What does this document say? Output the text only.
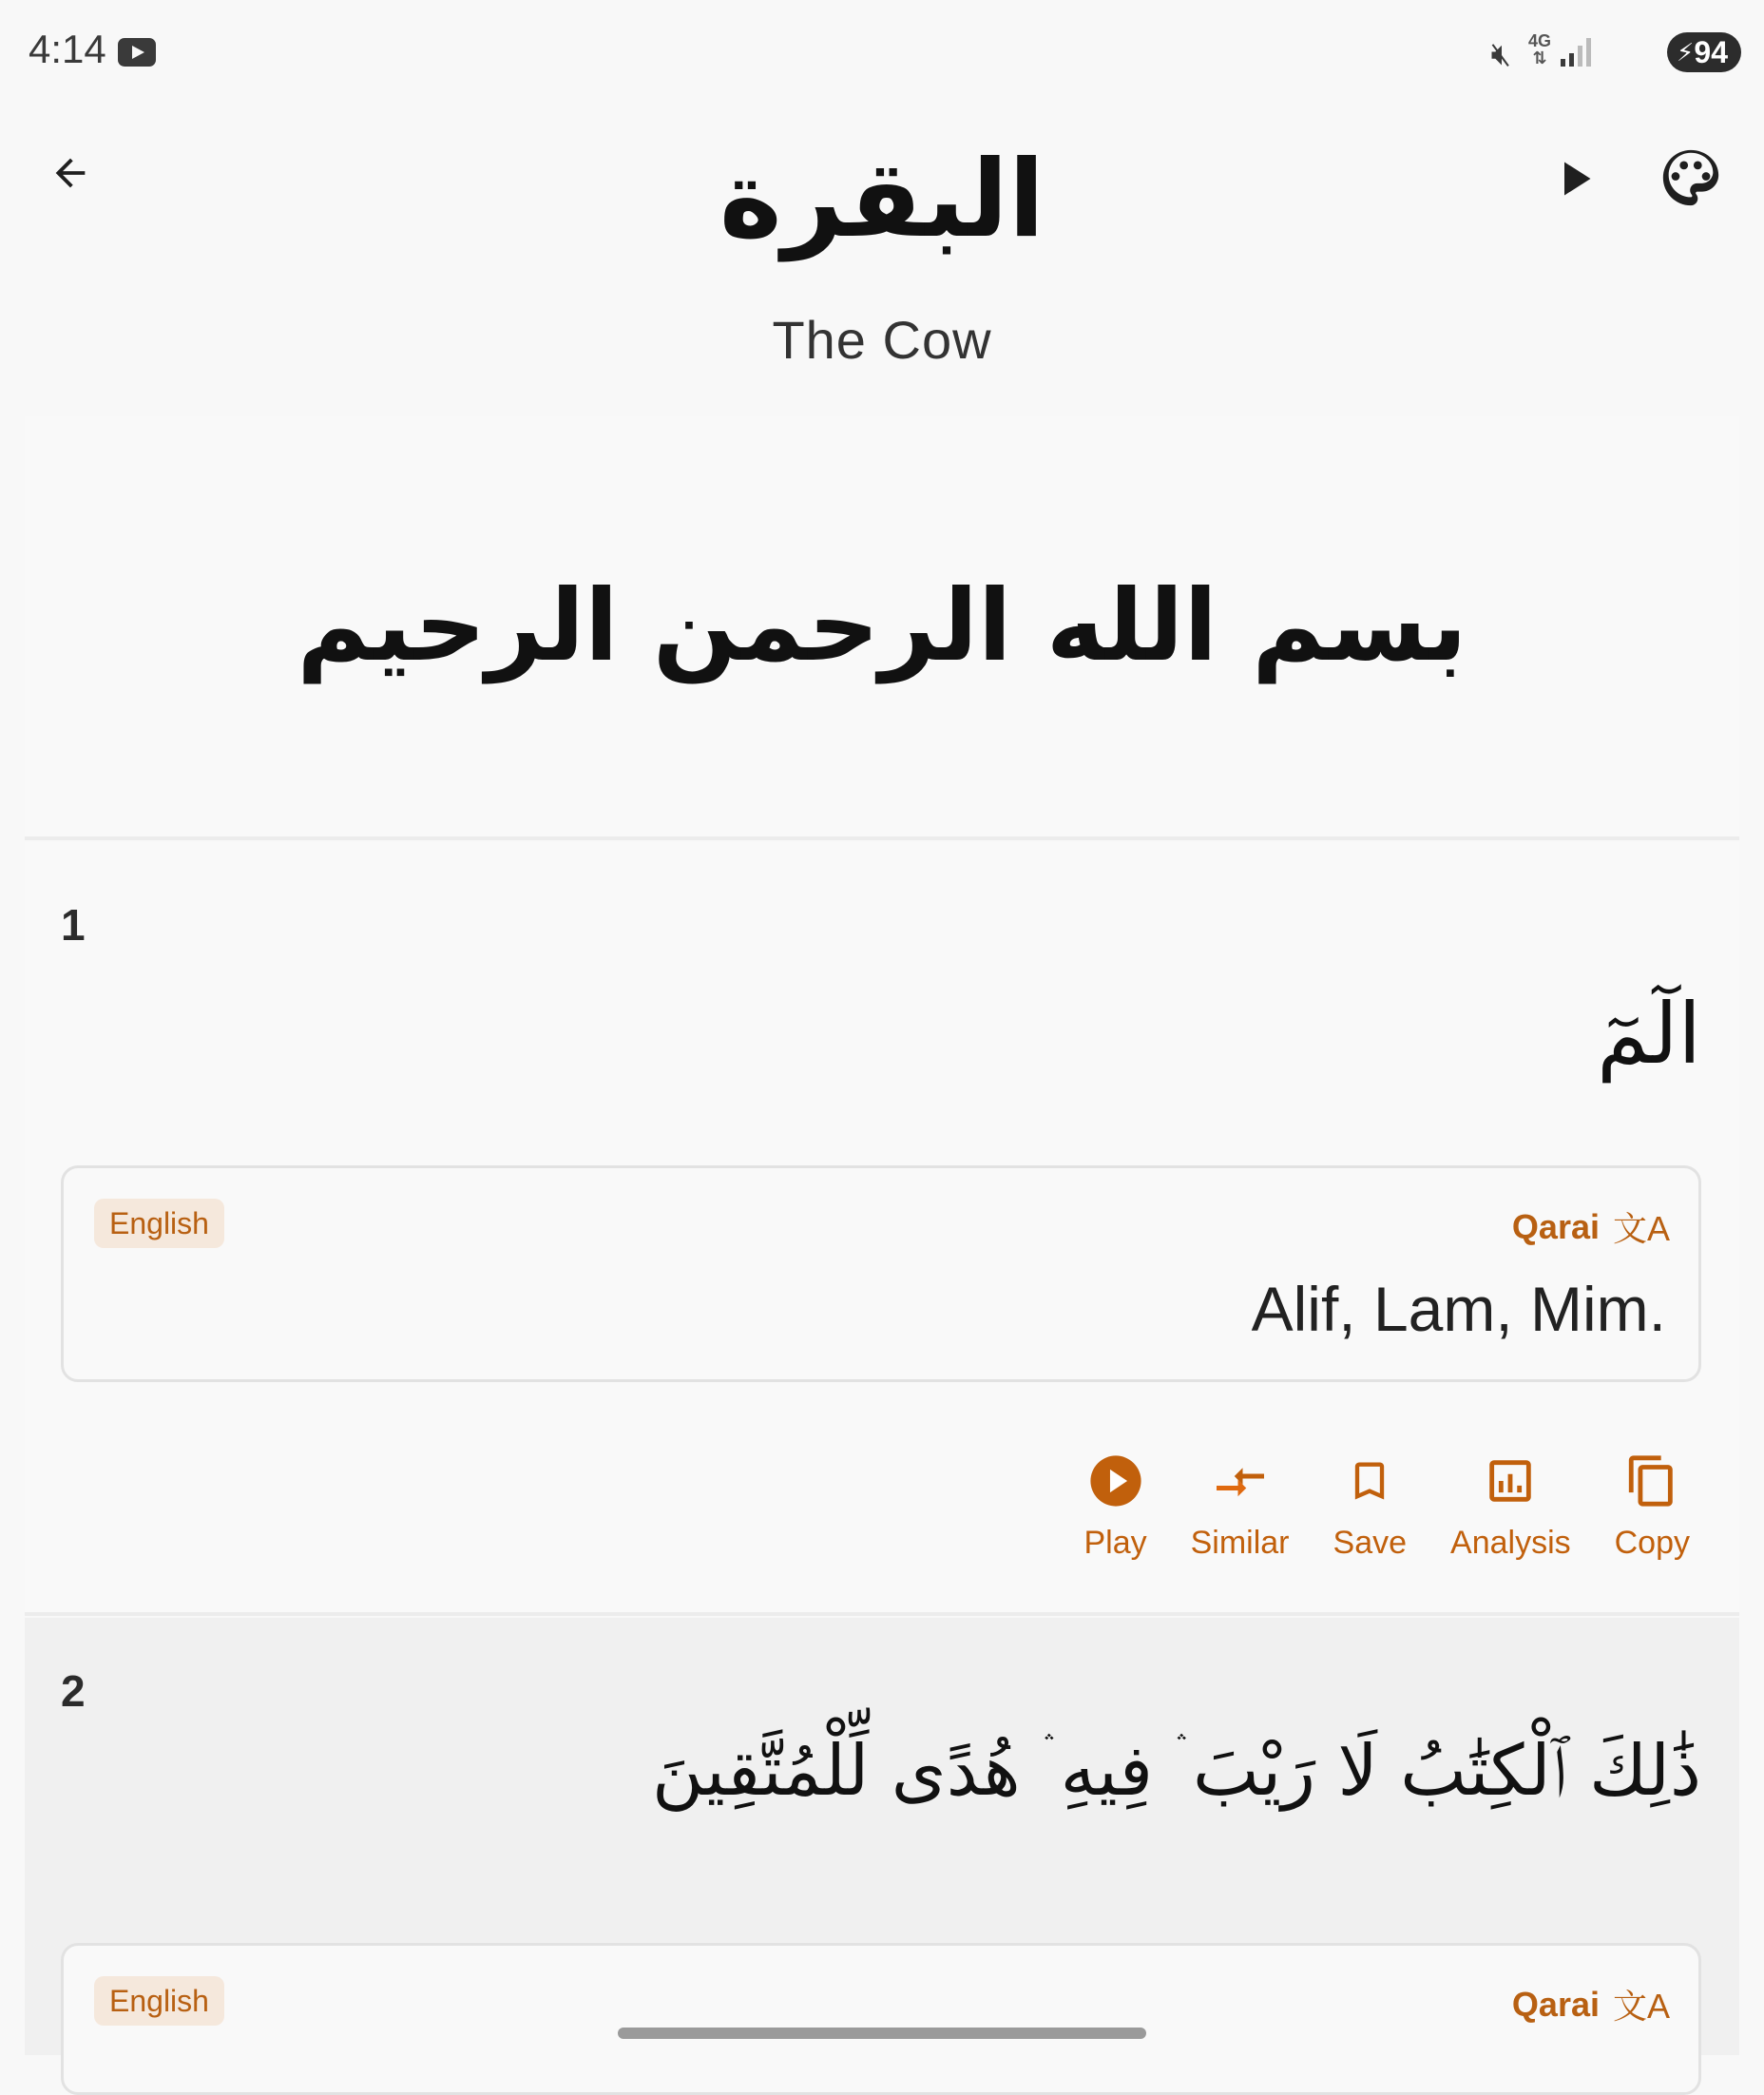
4:14	🔇︎ 4G
⇅	⚡︎ 94
البقرة
The Cow
بسم الله الرحمن الرحيم
1
الٓمٓ
English	Qarai 文A
Alif, Lam, Mim.
Play Similar Save Analysis Copy
2
ذَٰلِكَ ٱلْكِتَٰبُ لَا رَيْبَ ۛ فِيهِ ۛ هُدًى لِّلْمُتَّقِينَ
English	Qarai 文A
